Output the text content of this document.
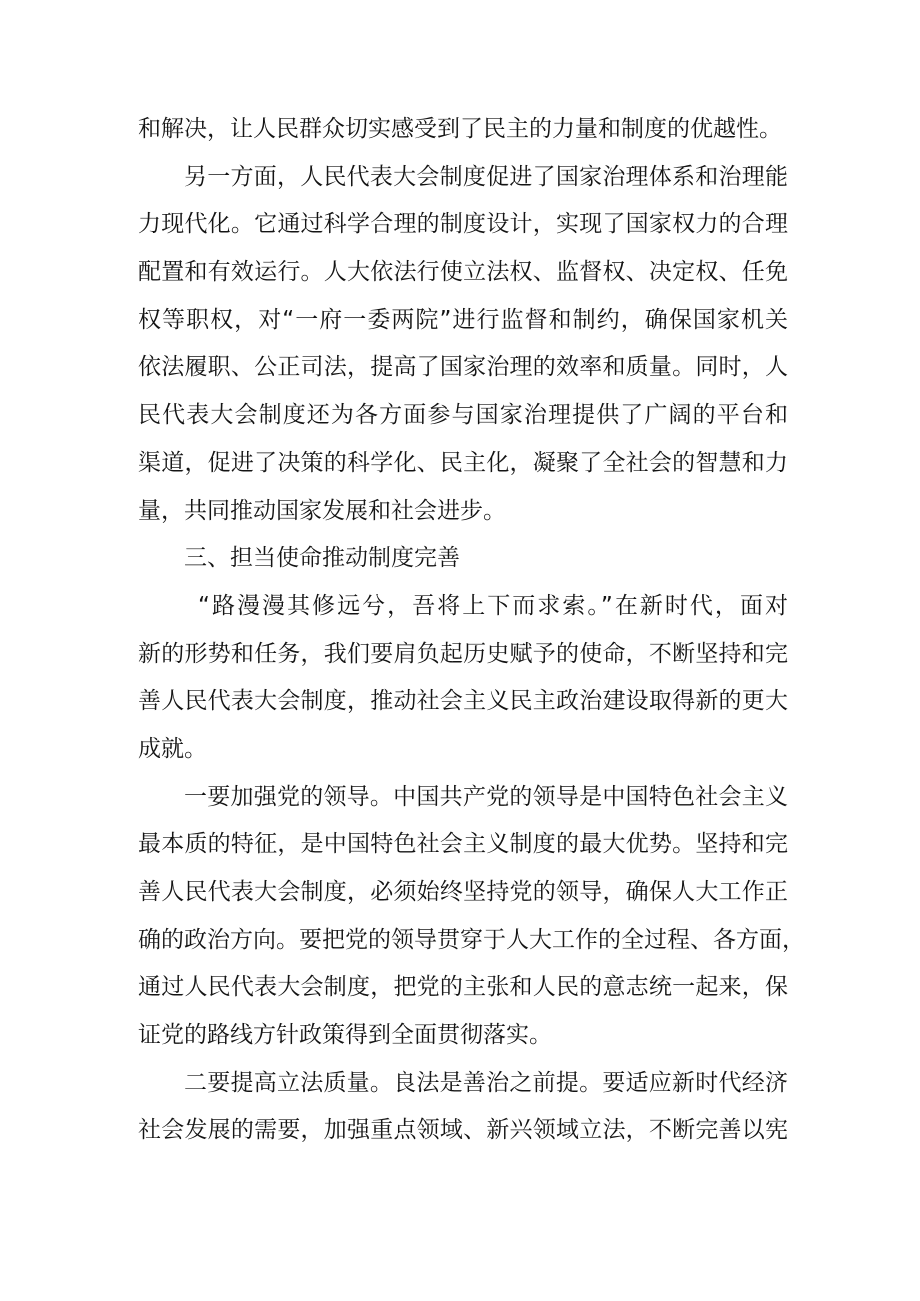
和解决，让人民群众切实感受到了民主的力量和制度的优越性。
另一方面，人民代表大会制度促进了国家治理体系和治理能
力现代化。它通过科学合理的制度设计，实现了国家权力的合理
配置和有效运行。人大依法行使立法权、监督权、决定权、任免
权等职权，对“一府一委两院”进行监督和制约，确保国家机关
依法履职、公正司法，提高了国家治理的效率和质量。同时，人
民代表大会制度还为各方面参与国家治理提供了广阔的平台和
渠道，促进了决策的科学化、民主化，凝聚了全社会的智慧和力
量，共同推动国家发展和社会进步。
三、担当使命推动制度完善
“路漫漫其修远兮，吾将上下而求索。”在新时代，面对
新的形势和任务，我们要肩负起历史赋予的使命，不断坚持和完
善人民代表大会制度，推动社会主义民主政治建设取得新的更大
成就。
一要加强党的领导。中国共产党的领导是中国特色社会主义
最本质的特征，是中国特色社会主义制度的最大优势。坚持和完
善人民代表大会制度，必须始终坚持党的领导，确保人大工作正
确的政治方向。要把党的领导贯穿于人大工作的全过程、各方面，
通过人民代表大会制度，把党的主张和人民的意志统一起来，保
证党的路线方针政策得到全面贯彻落实。
二要提高立法质量。良法是善治之前提。要适应新时代经济
社会发展的需要，加强重点领域、新兴领域立法，不断完善以宪
